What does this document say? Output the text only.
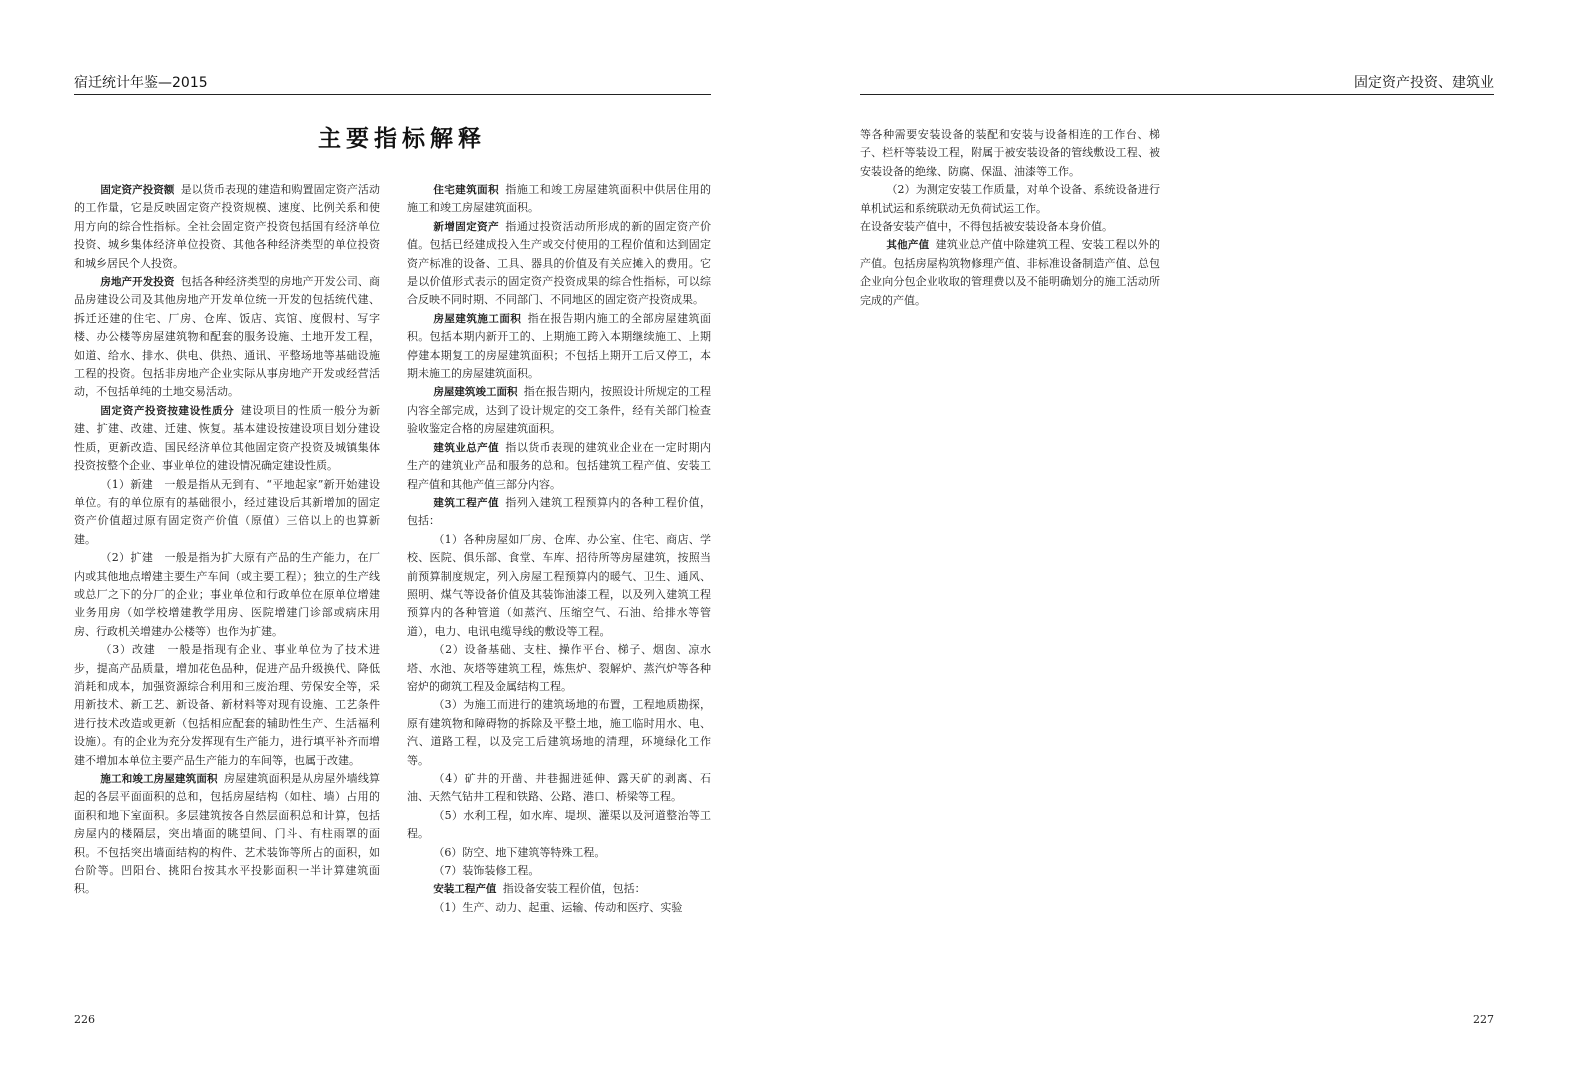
宿迁统计年鉴—2015
主要指标解释

固定资产投资额 是以货币表现的建造和购置固定资产活动的工作量，它是反映固定资产投资规模、速度、比例关系和使用方向的综合性指标。全社会固定资产投资包括国有经济单位投资、城乡集体经济单位投资、其他各种经济类型的单位投资和城乡居民个人投资。

房地产开发投资 包括各种经济类型的房地产开发公司、商品房建设公司及其他房地产开发单位统一开发的包括统代建、拆迁还建的住宅、厂房、仓库、饭店、宾馆、度假村、写字楼、办公楼等房屋建筑物和配套的服务设施、土地开发工程，如道、给水、排水、供电、供热、通讯、平整场地等基础设施工程的投资。包括非房地产企业实际从事房地产开发或经营活动，不包括单纯的土地交易活动。

固定资产投资按建设性质分 建设项目的性质一般分为新建、扩建、改建、迁建、恢复。基本建设按建设项目划分建设性质，更新改造、国民经济单位其他固定资产投资及城镇集体投资按整个企业、事业单位的建设情况确定建设性质。

（1）新建　一般是指从无到有、“平地起家”新开始建设单位。有的单位原有的基础很小，经过建设后其新增加的固定资产价值超过原有固定资产价值（原值）三倍以上的也算新建。

（2）扩建　一般是指为扩大原有产品的生产能力，在厂内或其他地点增建主要生产车间（或主要工程）；独立的生产线或总厂之下的分厂的企业；事业单位和行政单位在原单位增建业务用房（如学校增建教学用房、医院增建门诊部或病床用房、行政机关增建办公楼等）也作为扩建。

（3）改建　一般是指现有企业、事业单位为了技术进步，提高产品质量，增加花色品种，促进产品升级换代、降低消耗和成本，加强资源综合利用和三废治理、劳保安全等，采用新技术、新工艺、新设备、新材料等对现有设施、工艺条件进行技术改造或更新（包括相应配套的辅助性生产、生活福利设施）。有的企业为充分发挥现有生产能力，进行填平补齐而增建不增加本单位主要产品生产能力的车间等，也属于改建。

施工和竣工房屋建筑面积 房屋建筑面积是从房屋外墙线算起的各层平面面积的总和，包括房屋结构（如柱、墙）占用的面积和地下室面积。多层建筑按各自然层面积总和计算，包括房屋内的楼隔层，突出墙面的眺望间、门斗、有柱雨罩的面积。不包括突出墙面结构的构件、艺术装饰等所占的面积，如台阶等。凹阳台、挑阳台按其水平投影面积一半计算建筑面积。

住宅建筑面积 指施工和竣工房屋建筑面积中供居住用的施工和竣工房屋建筑面积。

新增固定资产 指通过投资活动所形成的新的固定资产价值。包括已经建成投入生产或交付使用的工程价值和达到固定资产标准的设备、工具、器具的价值及有关应摊入的费用。它是以价值形式表示的固定资产投资成果的综合性指标，可以综合反映不同时期、不同部门、不同地区的固定资产投资成果。

房屋建筑施工面积 指在报告期内施工的全部房屋建筑面积。包括本期内新开工的、上期施工跨入本期继续施工、上期停建本期复工的房屋建筑面积；不包括上期开工后又停工，本期未施工的房屋建筑面积。

房屋建筑竣工面积 指在报告期内，按照设计所规定的工程内容全部完成，达到了设计规定的交工条件，经有关部门检查验收鉴定合格的房屋建筑面积。

建筑业总产值 指以货币表现的建筑业企业在一定时期内生产的建筑业产品和服务的总和。包括建筑工程产值、安装工程产值和其他产值三部分内容。

建筑工程产值 指列入建筑工程预算内的各种工程价值，包括：

（1）各种房屋如厂房、仓库、办公室、住宅、商店、学校、医院、俱乐部、食堂、车库、招待所等房屋建筑，按照当前预算制度规定，列入房屋工程预算内的暖气、卫生、通风、照明、煤气等设备价值及其装饰油漆工程，以及列入建筑工程预算内的各种管道（如蒸汽、压缩空气、石油、给排水等管道），电力、电讯电缆导线的敷设等工程。

（2）设备基础、支柱、操作平台、梯子、烟囱、凉水塔、水池、灰塔等建筑工程，炼焦炉、裂解炉、蒸汽炉等各种窑炉的砌筑工程及金属结构工程。

（3）为施工而进行的建筑场地的布置，工程地质勘探，原有建筑物和障碍物的拆除及平整土地，施工临时用水、电、汽、道路工程，以及完工后建筑场地的清理，环境绿化工作等。

（4）矿井的开凿、井巷掘进延伸、露天矿的剥离、石油、天然气钻井工程和铁路、公路、港口、桥梁等工程。

（5）水利工程，如水库、堤坝、灌渠以及河道整治等工程。

（6）防空、地下建筑等特殊工程。

（7）装饰装修工程。

安装工程产值 指设备安装工程价值，包括：

（1）生产、动力、起重、运输、传动和医疗、实验

226
固定资产投资、建筑业

等各种需要安装设备的装配和安装与设备相连的工作台、梯子、栏杆等装设工程，附属于被安装设备的管线敷设工程、被安装设备的绝缘、防腐、保温、油漆等工作。

（2）为测定安装工作质量，对单个设备、系统设备进行单机试运和系统联动无负荷试运工作。

在设备安装产值中，不得包括被安装设备本身价值。

其他产值 建筑业总产值中除建筑工程、安装工程以外的产值。包括房屋构筑物修理产值、非标准设备制造产值、总包企业向分包企业收取的管理费以及不能明确划分的施工活动所完成的产值。

227
